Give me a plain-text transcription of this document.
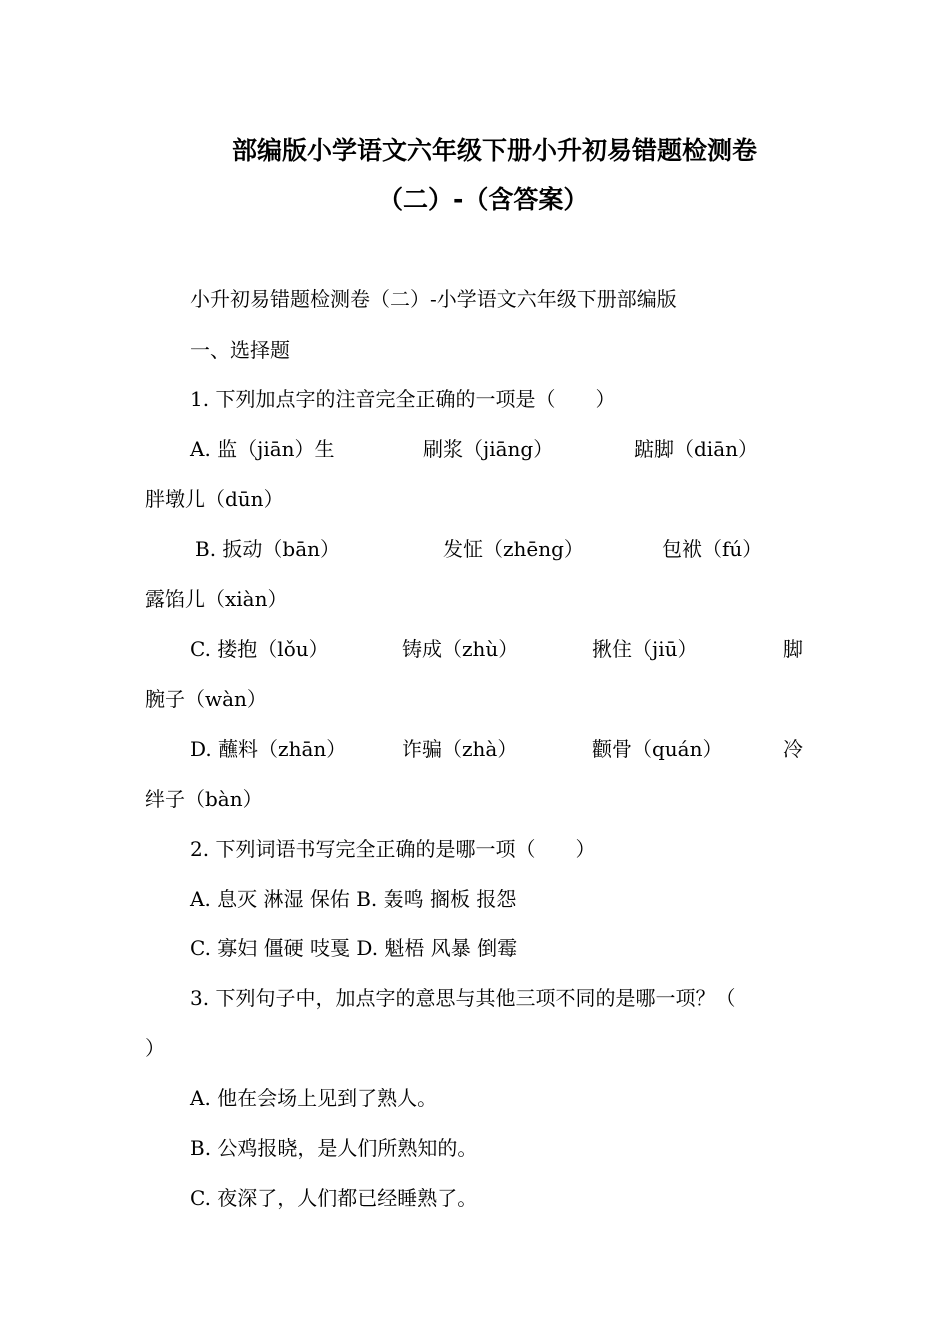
部编版小学语文六年级下册小升初易错题检测卷
（二）-（含答案）

小升初易错题检测卷（二）-小学语文六年级下册部编版

一、选择题

1. 下列加点字的注音完全正确的一项是（　　）

A. 监（jiān）生	刷浆（jiāng）	踮脚（diān）

胖墩儿（dūn）

B. 扳动（bān）	发怔（zhēng）	包袱（fú）

露馅儿（xiàn）

C. 搂抱（lǒu）	铸成（zhù）	揪住（jiū）	脚

腕子（wàn）

D. 蘸料（zhān）	诈骗（zhà）	颧骨（quán）	冷

绊子（bàn）

2. 下列词语书写完全正确的是哪一项（　　）

A. 息灭 淋湿 保佑 B. 轰鸣 搁板 报怨

C. 寡妇 僵硬 吱戛 D. 魁梧 风暴 倒霉

3. 下列句子中，加点字的意思与其他三项不同的是哪一项？（

）

A. 他在会场上见到了熟人。

B. 公鸡报晓，是人们所熟知的。

C. 夜深了，人们都已经睡熟了。
